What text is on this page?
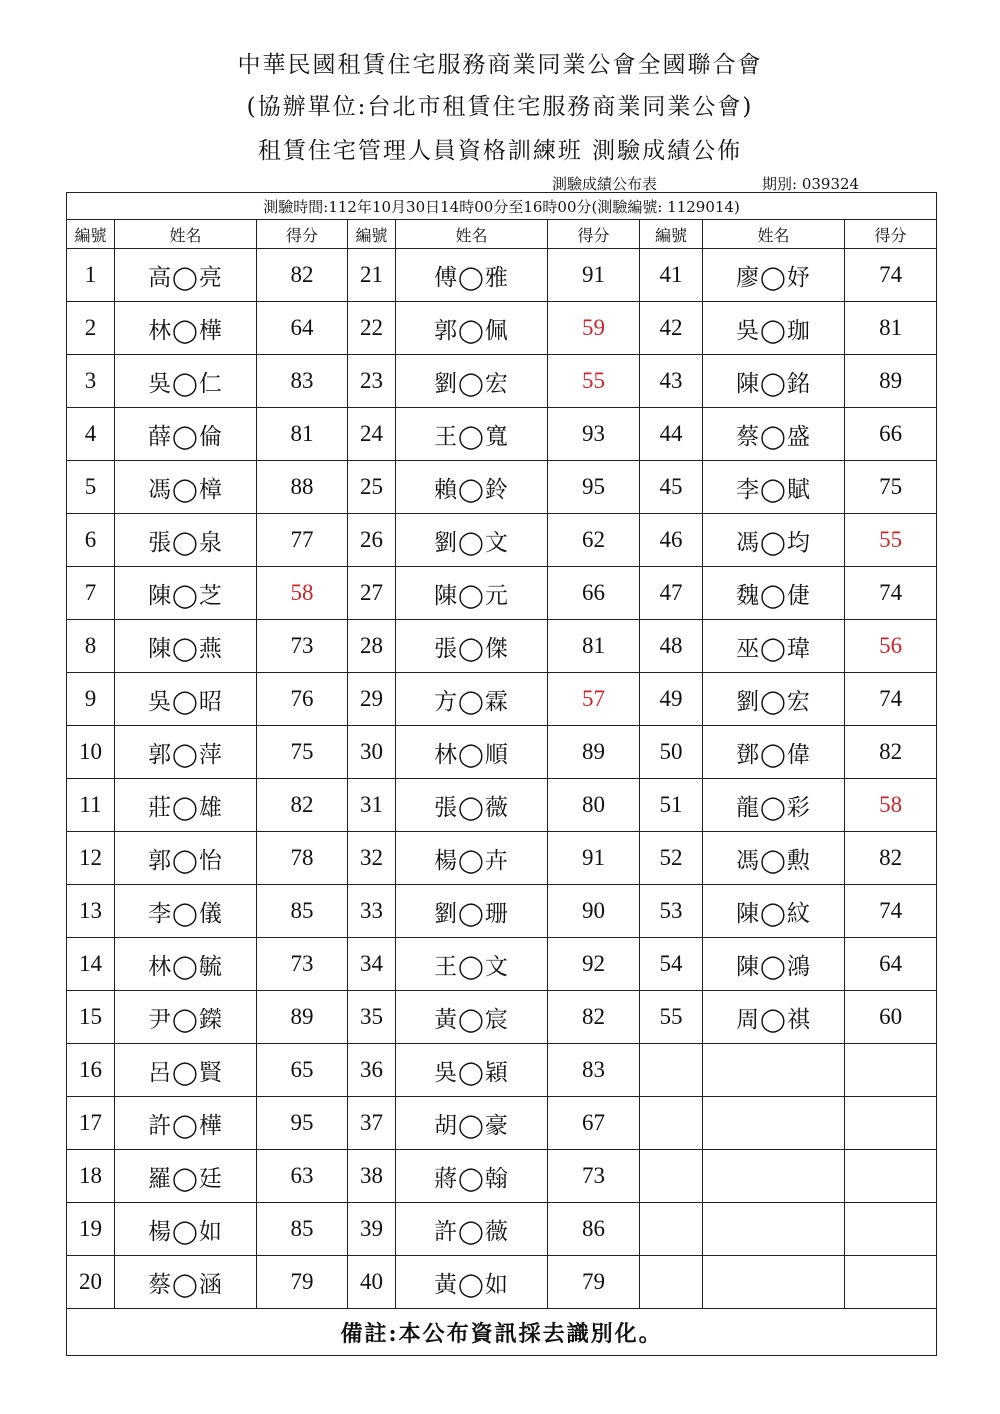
中華民國租賃住宅服務商業同業公會全國聯合會
(協辦單位:台北市租賃住宅服務商業同業公會)
租賃住宅管理人員資格訓練班 測驗成績公佈
測驗成績公布表	期別: 039324
測驗時間:112年10月30日14時00分至16時00分(測驗編號: 1129014)								
編號	姓名	得分	編號	姓名	得分	編號	姓名	得分
1	高◯亮	82	21	傅◯雅	91	41	廖◯妤	74
2	林◯樺	64	22	郭◯佩	59	42	吳◯珈	81
3	吳◯仁	83	23	劉◯宏	55	43	陳◯銘	89
4	薛◯倫	81	24	王◯寬	93	44	蔡◯盛	66
5	馮◯樟	88	25	賴◯鈴	95	45	李◯賦	75
6	張◯泉	77	26	劉◯文	62	46	馮◯均	55
7	陳◯芝	58	27	陳◯元	66	47	魏◯倢	74
8	陳◯燕	73	28	張◯傑	81	48	巫◯瑋	56
9	吳◯昭	76	29	方◯霖	57	49	劉◯宏	74
10	郭◯萍	75	30	林◯順	89	50	鄧◯偉	82
11	莊◯雄	82	31	張◯薇	80	51	龍◯彩	58
12	郭◯怡	78	32	楊◯卉	91	52	馮◯勲	82
13	李◯儀	85	33	劉◯珊	90	53	陳◯紋	74
14	林◯毓	73	34	王◯文	92	54	陳◯鴻	64
15	尹◯鑅	89	35	黃◯宸	82	55	周◯祺	60
16	呂◯賢	65	36	吳◯穎	83			
17	許◯樺	95	37	胡◯豪	67			
18	羅◯廷	63	38	蔣◯翰	73			
19	楊◯如	85	39	許◯薇	86			
20	蔡◯涵	79	40	黃◯如	79			
備註:本公布資訊採去識別化。								
